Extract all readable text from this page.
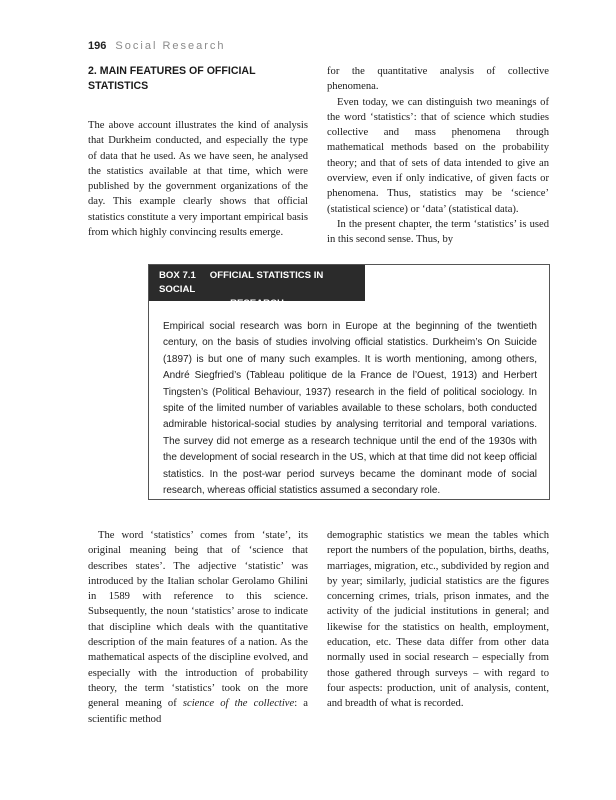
196 Social Research
2. MAIN FEATURES OF OFFICIAL STATISTICS

The above account illustrates the kind of analysis that Durkheim conducted, and especially the type of data that he used. As we have seen, he analysed the statistics available at that time, which were published by the government organizations of the day. This example clearly shows that official statistics constitute a very important empirical basis from which highly convincing results emerge.

for the quantitative analysis of collective phenomena.

Even today, we can distinguish two meanings of the word ‘statistics’: that of science which studies collective and mass phenomena through mathematical methods based on the probability theory; and that of sets of data intended to give an overview, even if only indicative, of given facts or phenomena. Thus, statistics may be ‘science’ (statistical science) or ‘data’ (statistical data).

In the present chapter, the term ‘statistics’ is used in this second sense. Thus, by

BOX 7.1 OFFICIAL STATISTICS IN SOCIAL
RESEARCH
Empirical social research was born in Europe at the beginning of the twentieth century, on the basis of studies involving official statistics. Durkheim’s On Suicide (1897) is but one of many such examples. It is worth mentioning, among others, André Siegfried’s (Tableau politique de la France de l’Ouest, 1913) and Herbert Tingsten’s (Political Behaviour, 1937) research in the field of political sociology. In spite of the limited number of variables available to these scholars, both conducted admirable historical-social studies by analysing territorial and temporal variations. The survey did not emerge as a research technique until the end of the 1930s with the development of social research in the US, which at that time did not keep official statistics. In the post-war period surveys became the dominant mode of social research, whereas official statistics assumed a secondary role.

The word ‘statistics’ comes from ‘state’, its original meaning being that of ‘science that describes states’. The adjective ‘statistic’ was introduced by the Italian scholar Gerolamo Ghilini in 1589 with reference to this science. Subsequently, the noun ‘statistics’ arose to indicate that discipline which deals with the quantitative description of the main features of a nation. As the mathematical aspects of the discipline evolved, and especially with the introduction of probability theory, the term ‘statistics’ took on the more general meaning of science of the collective: a scientific method

demographic statistics we mean the tables which report the numbers of the population, births, deaths, marriages, migration, etc., subdivided by region and by year; similarly, judicial statistics are the figures concerning crimes, trials, prison inmates, and the activity of the judicial institutions in general; and likewise for the statistics on health, employment, education, etc. These data differ from other data normally used in social research – especially from those gathered through surveys – with regard to four aspects: production, unit of analysis, content, and breadth of what is recorded.
